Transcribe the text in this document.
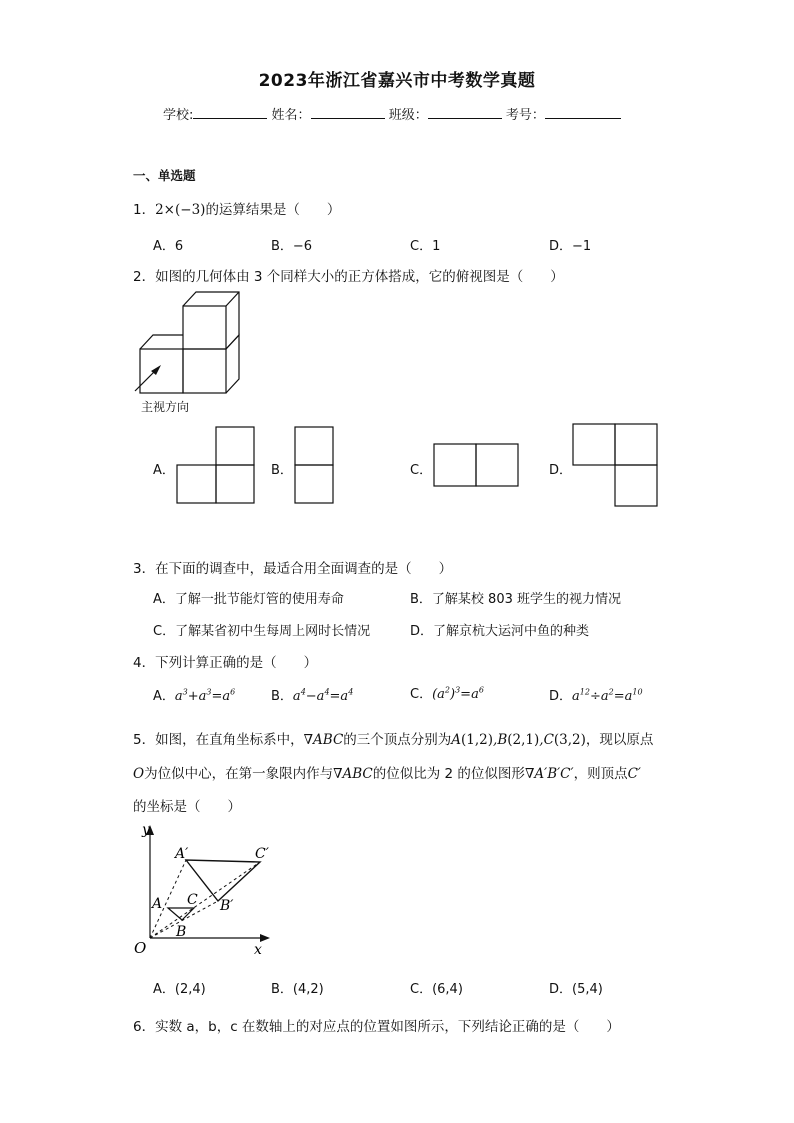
2023年浙江省嘉兴市中考数学真题
学校:	姓名：	班级：	考号：
一、单选题
1．2×(−3)的运算结果是（　　）
A．6	B．−6	C．1	D．−1
2．如图的几何体由 3 个同样大小的正方体搭成，它的俯视图是（　　）
主视方向
A．	B．	C．	D．
3．在下面的调查中，最适合用全面调查的是（　　）
A．了解一批节能灯管的使用寿命	B．了解某校 803 班学生的视力情况
C．了解某省初中生每周上网时长情况	D．了解京杭大运河中鱼的种类
4．下列计算正确的是（　　）
A．$a^3+a^3=a^6$	B．$a^4-a^4=a^4$	C．$(a^2)^3=a^6$	D．$a^{12}\div a^2=a^{10}$
5．如图，在直角坐标系中，∇ABC的三个顶点分别为A(1,2),B(2,1),C(3,2)，现以原点
O为位似中心，在第一象限内作与∇ABC的位似比为 2 的位似图形∇A′B′C′，则顶点C′
的坐标是（　　）
y
x
O
A
B
C
A′
B′
C′
A．(2,4)	B．(4,2)	C．(6,4)	D．(5,4)
6．实数 a，b，c 在数轴上的对应点的位置如图所示，下列结论正确的是（　　）
